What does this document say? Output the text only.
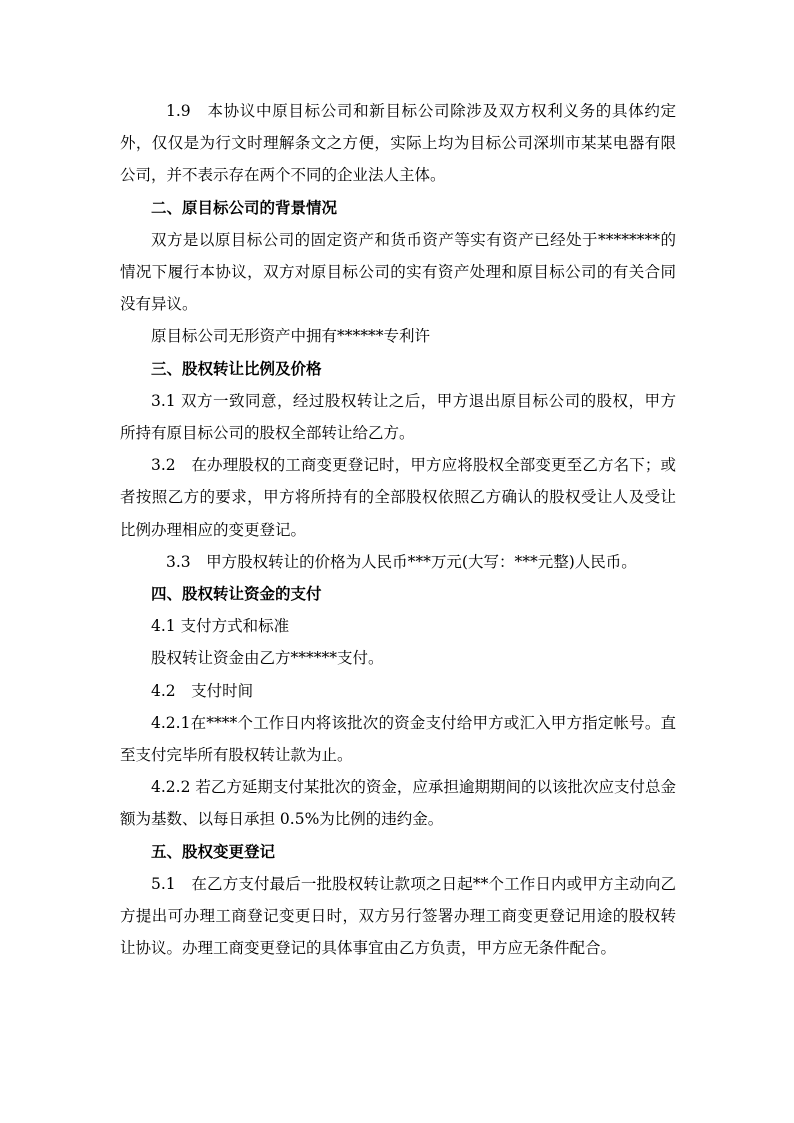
1.9　本协议中原目标公司和新目标公司除涉及双方权利义务的具体约定外，仅仅是为行文时理解条文之方便，实际上均为目标公司深圳市某某电器有限公司，并不表示存在两个不同的企业法人主体。

二、原目标公司的背景情况

双方是以原目标公司的固定资产和货币资产等实有资产已经处于********的情况下履行本协议，双方对原目标公司的实有资产处理和原目标公司的有关合同没有异议。

原目标公司无形资产中拥有******专利许

三、股权转让比例及价格

3.1 双方一致同意，经过股权转让之后，甲方退出原目标公司的股权，甲方所持有原目标公司的股权全部转让给乙方。

3.2　在办理股权的工商变更登记时，甲方应将股权全部变更至乙方名下；或者按照乙方的要求，甲方将所持有的全部股权依照乙方确认的股权受让人及受让比例办理相应的变更登记。

3.3　甲方股权转让的价格为人民币***万元(大写：***元整)人民币。

四、股权转让资金的支付

4.1 支付方式和标准

股权转让资金由乙方******支付。

4.2　支付时间

4.2.1在****个工作日内将该批次的资金支付给甲方或汇入甲方指定帐号。直至支付完毕所有股权转让款为止。

4.2.2 若乙方延期支付某批次的资金，应承担逾期期间的以该批次应支付总金额为基数、以每日承担 0.5%为比例的违约金。

五、股权变更登记

5.1　在乙方支付最后一批股权转让款项之日起**个工作日内或甲方主动向乙方提出可办理工商登记变更日时，双方另行签署办理工商变更登记用途的股权转让协议。办理工商变更登记的具体事宜由乙方负责，甲方应无条件配合。
